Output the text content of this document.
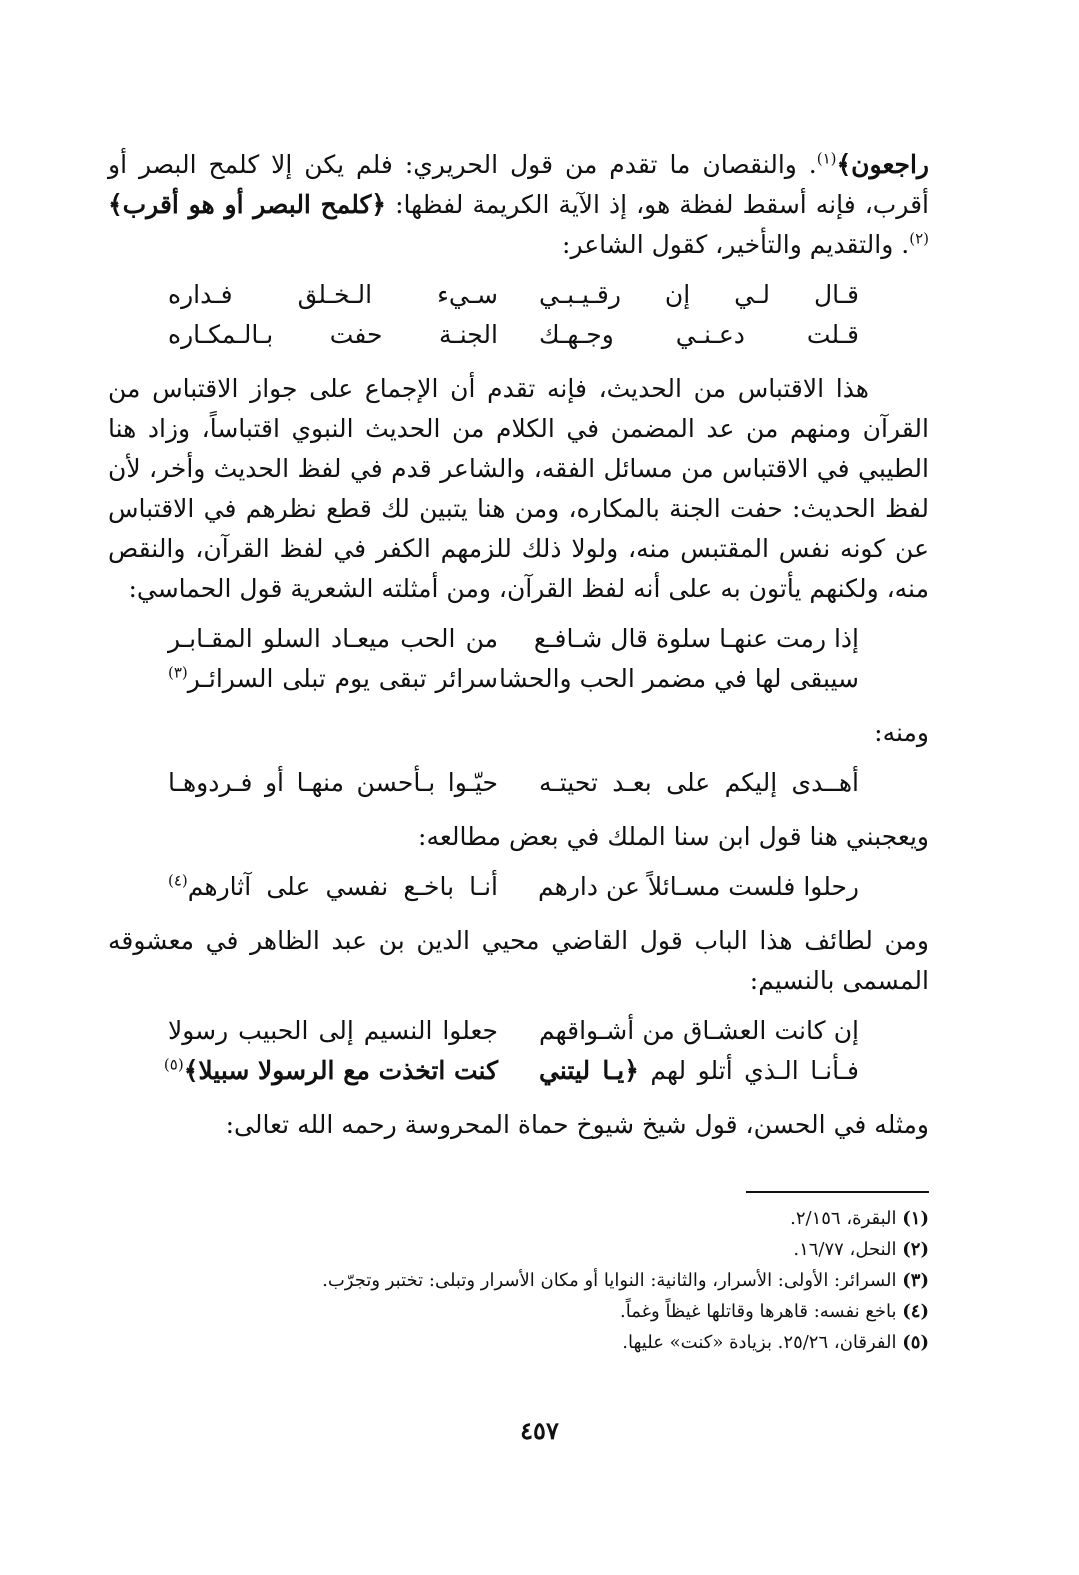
راجعون﴾$^{(١)}$. والنقصان ما تقدم من قول الحريري: فلم يكن إلا كلمح البصر أو أقرب، فإنه أسقط لفظة هو، إذ الآية الكريمة لفظها: ﴿كلمح البصر أو هو أقرب﴾$^{(٢)}$. والتقديم والتأخير، كقول الشاعر:

قـال لـي إن رقـيـبـي
سـيء الـخـلق فـداره
قـلت دعـنـي وجـهـك
الجنـة حفت بـالـمكـاره

هذا الاقتباس من الحديث، فإنه تقدم أن الإجماع على جواز الاقتباس من القرآن ومنهم من عد المضمن في الكلام من الحديث النبوي اقتباساً، وزاد هنا الطيبي في الاقتباس من مسائل الفقه، والشاعر قدم في لفظ الحديث وأخر، لأن لفظ الحديث: حفت الجنة بالمكاره، ومن هنا يتبين لك قطع نظرهم في الاقتباس عن كونه نفس المقتبس منه، ولولا ذلك للزمهم الكفر في لفظ القرآن، والنقص منه، ولكنهم يأتون به على أنه لفظ القرآن، ومن أمثلته الشعرية قول الحماسي:

إذا رمت عنهـا سلوة قال شـافـع
من الحب ميعـاد السلو المقـابـر
سيبقى لها في مضمر الحب والحشا
سرائر تبقى يوم تبلى السرائـر$^{(٣)}$
ومنه:
أهــدى إليكم على بعـد تحيتـه
حيّـوا بـأحسن منهـا أو فـردوهـا

ويعجبني هنا قول ابن سنا الملك في بعض مطالعه:

رحلوا فلست مسـائلاً عن دارهم
أنـا باخـع نفسي على آثارهم$^{(٤)}$

ومن لطائف هذا الباب قول القاضي محيي الدين بن عبد الظاهر في معشوقه المسمى بالنسيم:

إن كانت العشـاق من أشـواقهم
جعلوا النسيم إلى الحبيب رسولا
فـأنـا الـذي أتلو لهم ﴿يـا ليتني
كنت اتخذت مع الرسولا سبيلا﴾$^{(٥)}$

ومثله في الحسن، قول شيخ شيوخ حماة المحروسة رحمه الله تعالى:

(١) البقرة، ٢/١٥٦.

(٢) النحل، ١٦/٧٧.

(٣) السرائر: الأولى: الأسرار، والثانية: النوايا أو مكان الأسرار وتبلى: تختبر وتجرّب.

(٤) باخع نفسه: قاهرها وقاتلها غيظاً وغماً.

(٥) الفرقان، ٢٥/٢٦. بزيادة «كنت» عليها.

٤٥٧
